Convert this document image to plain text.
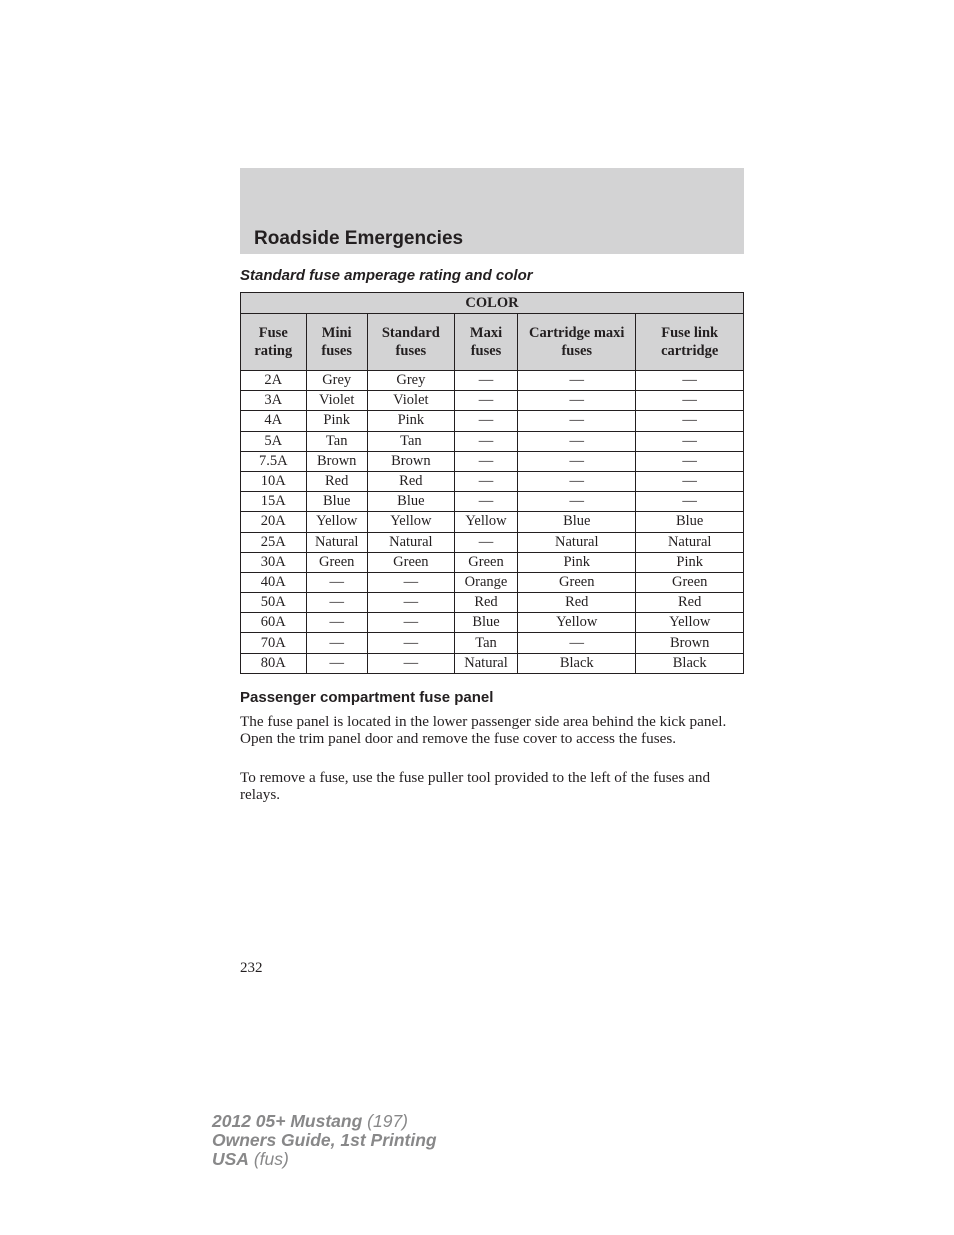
Roadside Emergencies
Standard fuse amperage rating and color
COLOR					
Fuse rating	Mini fuses	Standard fuses	Maxi fuses	Cartridge maxi fuses	Fuse link cartridge
2A	Grey	Grey	—	—	—
3A	Violet	Violet	—	—	—
4A	Pink	Pink	—	—	—
5A	Tan	Tan	—	—	—
7.5A	Brown	Brown	—	—	—
10A	Red	Red	—	—	—
15A	Blue	Blue	—	—	—
20A	Yellow	Yellow	Yellow	Blue	Blue
25A	Natural	Natural	—	Natural	Natural
30A	Green	Green	Green	Pink	Pink
40A	—	—	Orange	Green	Green
50A	—	—	Red	Red	Red
60A	—	—	Blue	Yellow	Yellow
70A	—	—	Tan	—	Brown
80A	—	—	Natural	Black	Black
Passenger compartment fuse panel
The fuse panel is located in the lower passenger side area behind the kick panel. Open the trim panel door and remove the fuse cover to access the fuses.
To remove a fuse, use the fuse puller tool provided to the left of the fuses and relays.
232
2012 05+ Mustang (197)
Owners Guide, 1st Printing
USA (fus)
